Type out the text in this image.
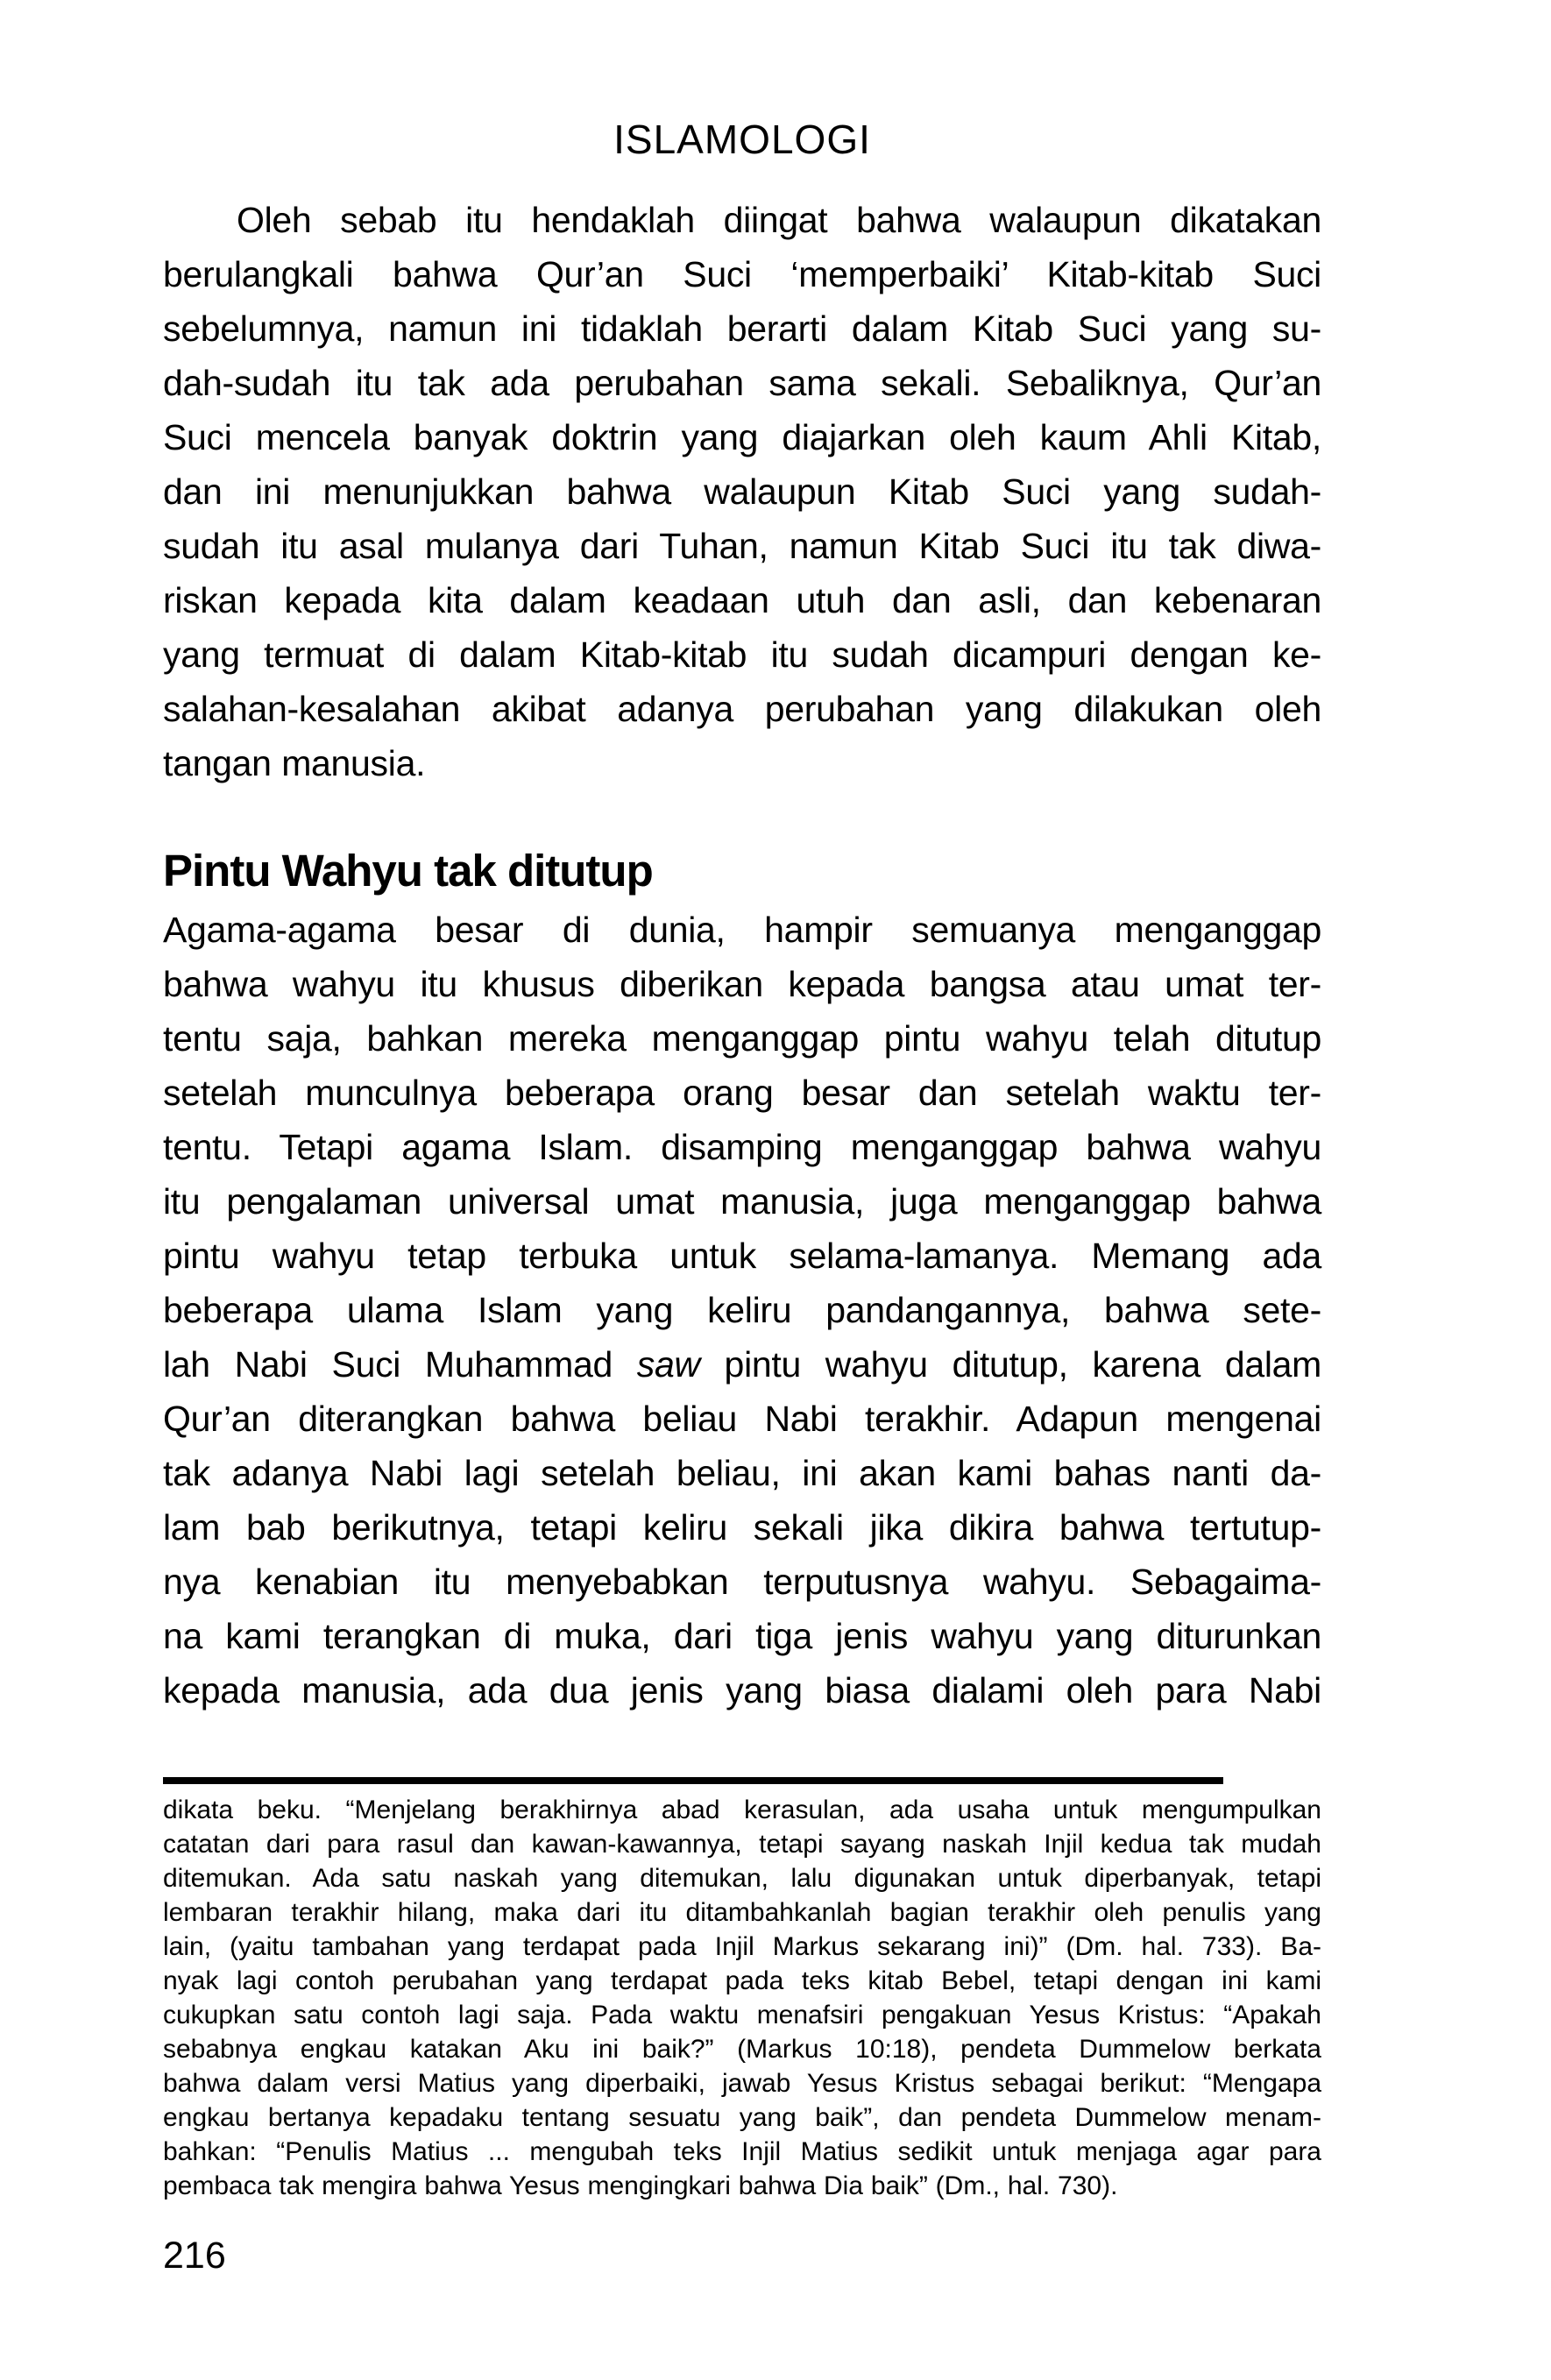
ISLAMOLOGI
Oleh sebab itu hendaklah diingat bahwa walaupun dikatakan
berulangkali bahwa Qur’an Suci ‘memperbaiki’ Kitab-kitab Suci
sebelumnya, namun ini tidaklah berarti dalam Kitab Suci yang su-
dah-sudah itu tak ada perubahan sama sekali. Sebaliknya, Qur’an
Suci mencela banyak doktrin yang diajarkan oleh kaum Ahli Kitab,
dan ini menunjukkan bahwa walaupun Kitab Suci yang sudah-
sudah itu asal mulanya dari Tuhan, namun Kitab Suci itu tak diwa-
riskan kepada kita dalam keadaan utuh dan asli, dan kebenaran
yang termuat di dalam Kitab-kitab itu sudah dicampuri dengan ke-
salahan-kesalahan akibat adanya perubahan yang dilakukan oleh
tangan manusia.
Pintu Wahyu tak ditutup
Agama-agama besar di dunia, hampir semuanya menganggap
bahwa wahyu itu khusus diberikan kepada bangsa atau umat ter-
tentu saja, bahkan mereka menganggap pintu wahyu telah ditutup
setelah munculnya beberapa orang besar dan setelah waktu ter-
tentu. Tetapi agama Islam. disamping menganggap bahwa wahyu
itu pengalaman universal umat manusia, juga menganggap bahwa
pintu wahyu tetap terbuka untuk selama-lamanya. Memang ada
beberapa ulama Islam yang keliru pandangannya, bahwa sete-
lah Nabi Suci Muhammad saw pintu wahyu ditutup, karena dalam
Qur’an diterangkan bahwa beliau Nabi terakhir. Adapun mengenai
tak adanya Nabi lagi setelah beliau, ini akan kami bahas nanti da-
lam bab berikutnya, tetapi keliru sekali jika dikira bahwa tertutup-
nya kenabian itu menyebabkan terputusnya wahyu. Sebagaima-
na kami terangkan di muka, dari tiga jenis wahyu yang diturunkan
kepada manusia, ada dua jenis yang biasa dialami oleh para Nabi
dikata beku. “Menjelang berakhirnya abad kerasulan, ada usaha untuk mengumpulkan
catatan dari para rasul dan kawan-kawannya, tetapi sayang naskah Injil kedua tak mudah
ditemukan. Ada satu naskah yang ditemukan, lalu digunakan untuk diperbanyak, tetapi
lembaran terakhir hilang, maka dari itu ditambahkanlah bagian terakhir oleh penulis yang
lain, (yaitu tambahan yang terdapat pada Injil Markus sekarang ini)” (Dm. hal. 733). Ba-
nyak lagi contoh perubahan yang terdapat pada teks kitab Bebel, tetapi dengan ini kami
cukupkan satu contoh lagi saja. Pada waktu menafsiri pengakuan Yesus Kristus: “Apakah
sebabnya engkau katakan Aku ini baik?” (Markus 10:18), pendeta Dummelow berkata
bahwa dalam versi Matius yang diperbaiki, jawab Yesus Kristus sebagai berikut: “Mengapa
engkau bertanya kepadaku tentang sesuatu yang baik”, dan pendeta Dummelow menam-
bahkan: “Penulis Matius ... mengubah teks Injil Matius sedikit untuk menjaga agar para
pembaca tak mengira bahwa Yesus mengingkari bahwa Dia baik” (Dm., hal. 730).
216
